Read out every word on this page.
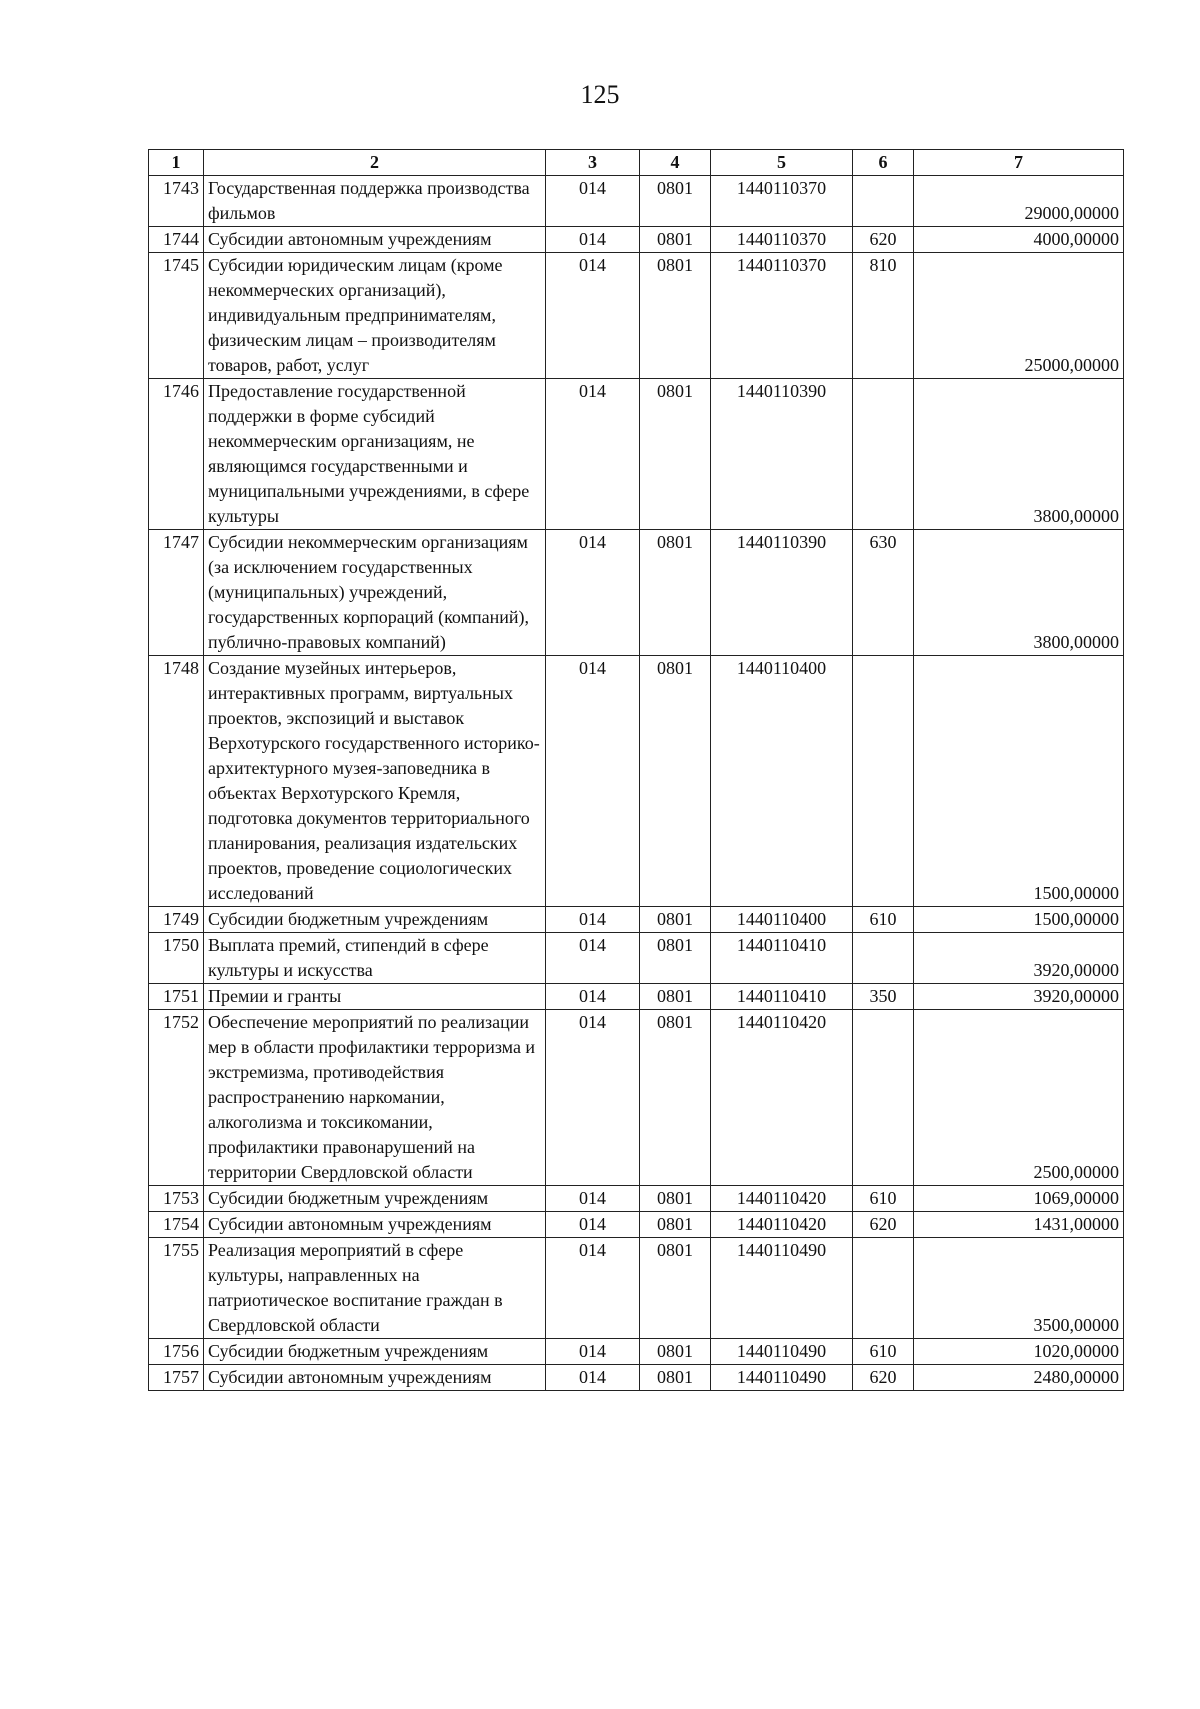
125
1	2	3	4	5	6	7
1743	Государственная поддержка производства фильмов	014	0801	1440110370		29000,00000
1744	Субсидии автономным учреждениям	014	0801	1440110370	620	4000,00000
1745	Субсидии юридическим лицам (кроме некоммерческих организаций), индивидуальным предпринимателям, физическим лицам – производителям товаров, работ, услуг	014	0801	1440110370	810	25000,00000
1746	Предоставление государственной поддержки в форме субсидий некоммерческим организациям, не являющимся государственными и муниципальными учреждениями, в сфере культуры	014	0801	1440110390		3800,00000
1747	Субсидии некоммерческим организациям (за исключением государственных (муниципальных) учреждений, государственных корпораций (компаний), публично-правовых компаний)	014	0801	1440110390	630	3800,00000
1748	Создание музейных интерьеров, интерактивных программ, виртуальных проектов, экспозиций и выставок Верхотурского государственного историко-архитектурного музея-заповедника в объектах Верхотурского Кремля, подготовка документов территориального планирования, реализация издательских проектов, проведение социологических исследований	014	0801	1440110400		1500,00000
1749	Субсидии бюджетным учреждениям	014	0801	1440110400	610	1500,00000
1750	Выплата премий, стипендий в сфере культуры и искусства	014	0801	1440110410		3920,00000
1751	Премии и гранты	014	0801	1440110410	350	3920,00000
1752	Обеспечение мероприятий по реализации мер в области профилактики терроризма и экстремизма, противодействия распространению наркомании, алкоголизма и токсикомании, профилактики правонарушений на территории Свердловской области	014	0801	1440110420		2500,00000
1753	Субсидии бюджетным учреждениям	014	0801	1440110420	610	1069,00000
1754	Субсидии автономным учреждениям	014	0801	1440110420	620	1431,00000
1755	Реализация мероприятий в сфере культуры, направленных на патриотическое воспитание граждан в Свердловской области	014	0801	1440110490		3500,00000
1756	Субсидии бюджетным учреждениям	014	0801	1440110490	610	1020,00000
1757	Субсидии автономным учреждениям	014	0801	1440110490	620	2480,00000
